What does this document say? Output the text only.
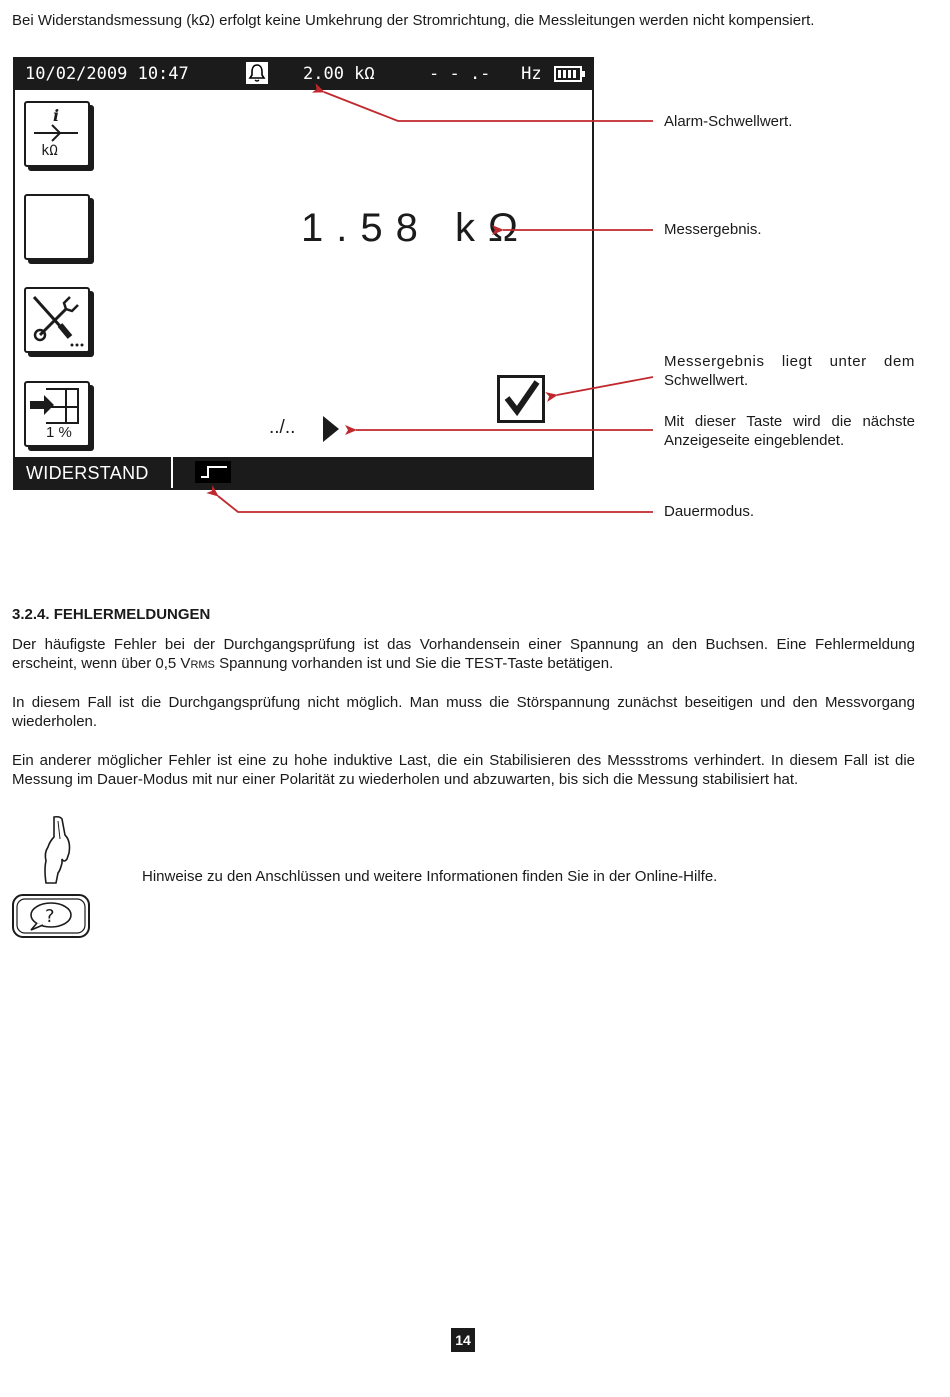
Bei Widerstandsmessung (kΩ) erfolgt keine Umkehrung der Stromrichtung, die Messleitungen werden nicht kompensiert.
10/02/2009 10:47	2.00 kΩ	- - .-   Hz
i
kΩ
1 %
1.58 kΩ
../..
WIDERSTAND
Alarm-Schwellwert.
Messergebnis.
Messergebnis liegt unter dem
Schwellwert.
Mit dieser Taste wird die nächste
Anzeigeseite eingeblendet.
Dauermodus.
3.2.4. FEHLERMELDUNGEN
Der häufigste Fehler bei der Durchgangsprüfung ist das Vorhandensein einer Spannung an den Buchsen. Eine Fehlermeldung erscheint, wenn über 0,5 VRMS Spannung vorhanden ist und Sie die TEST-Taste betätigen.
In diesem Fall ist die Durchgangsprüfung nicht möglich. Man muss die Störspannung zunächst beseitigen und den Messvorgang wiederholen.
Ein anderer möglicher Fehler ist eine zu hohe induktive Last, die ein Stabilisieren des Messstroms verhindert. In diesem Fall ist die Messung im Dauer-Modus mit nur einer Polarität zu wiederholen und abzuwarten, bis sich die Messung stabilisiert hat.
?
Hinweise zu den Anschlüssen und weitere Informationen finden Sie in der Online-Hilfe.
14
